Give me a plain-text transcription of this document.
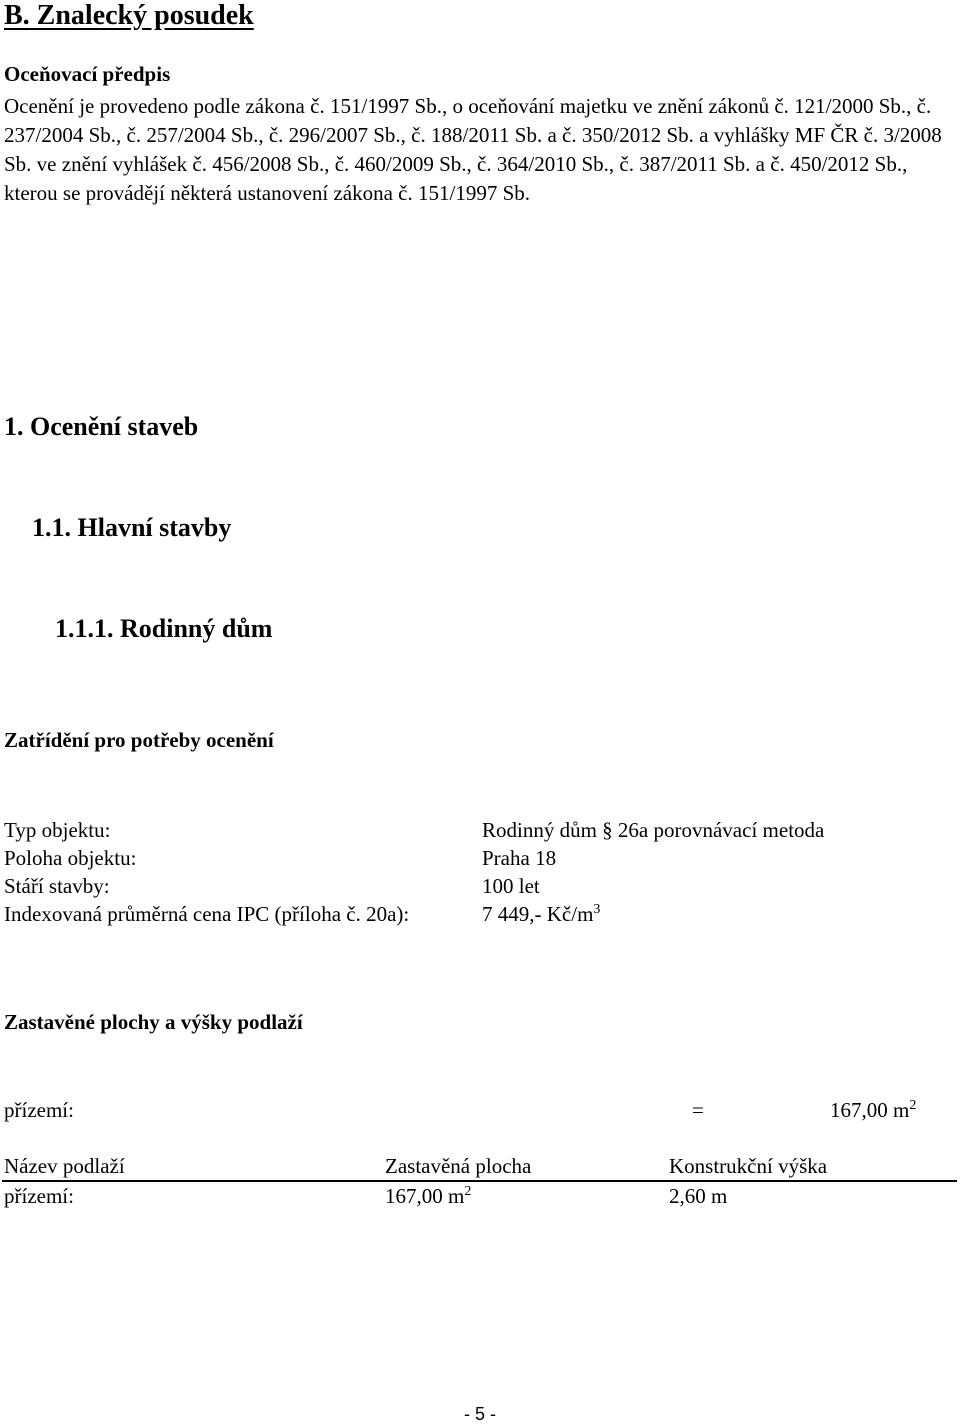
B. Znalecký posudek
Oceňovací předpis
Ocenění je provedeno podle zákona č. 151/1997 Sb., o oceňování majetku ve znění zákonů č. 121/2000 Sb., č. 237/2004 Sb., č. 257/2004 Sb., č. 296/2007 Sb., č. 188/2011 Sb. a č. 350/2012 Sb. a vyhlášky MF ČR č. 3/2008 Sb. ve znění vyhlášek č. 456/2008 Sb., č. 460/2009 Sb., č. 364/2010 Sb., č. 387/2011 Sb. a č. 450/2012 Sb., kterou se provádějí některá ustanovení zákona č. 151/1997 Sb.
1. Ocenění staveb
1.1. Hlavní stavby
1.1.1. Rodinný dům
Zatřídění pro potřeby ocenění
Typ objektu:	Rodinný dům § 26a porovnávací metoda
Poloha objektu:	Praha 18
Stáří stavby:	100 let
Indexovaná průměrná cena IPC (příloha č. 20a):	7 449,- $Kč/m^3$
Zastavěné plochy a výšky podlaží
přízemí:	=	167,00 $m^2$
Název podlaží	Zastavěná plocha	Konstrukční výška
přízemí:	167,00 $m^2$	2,60 m
- 5 -
